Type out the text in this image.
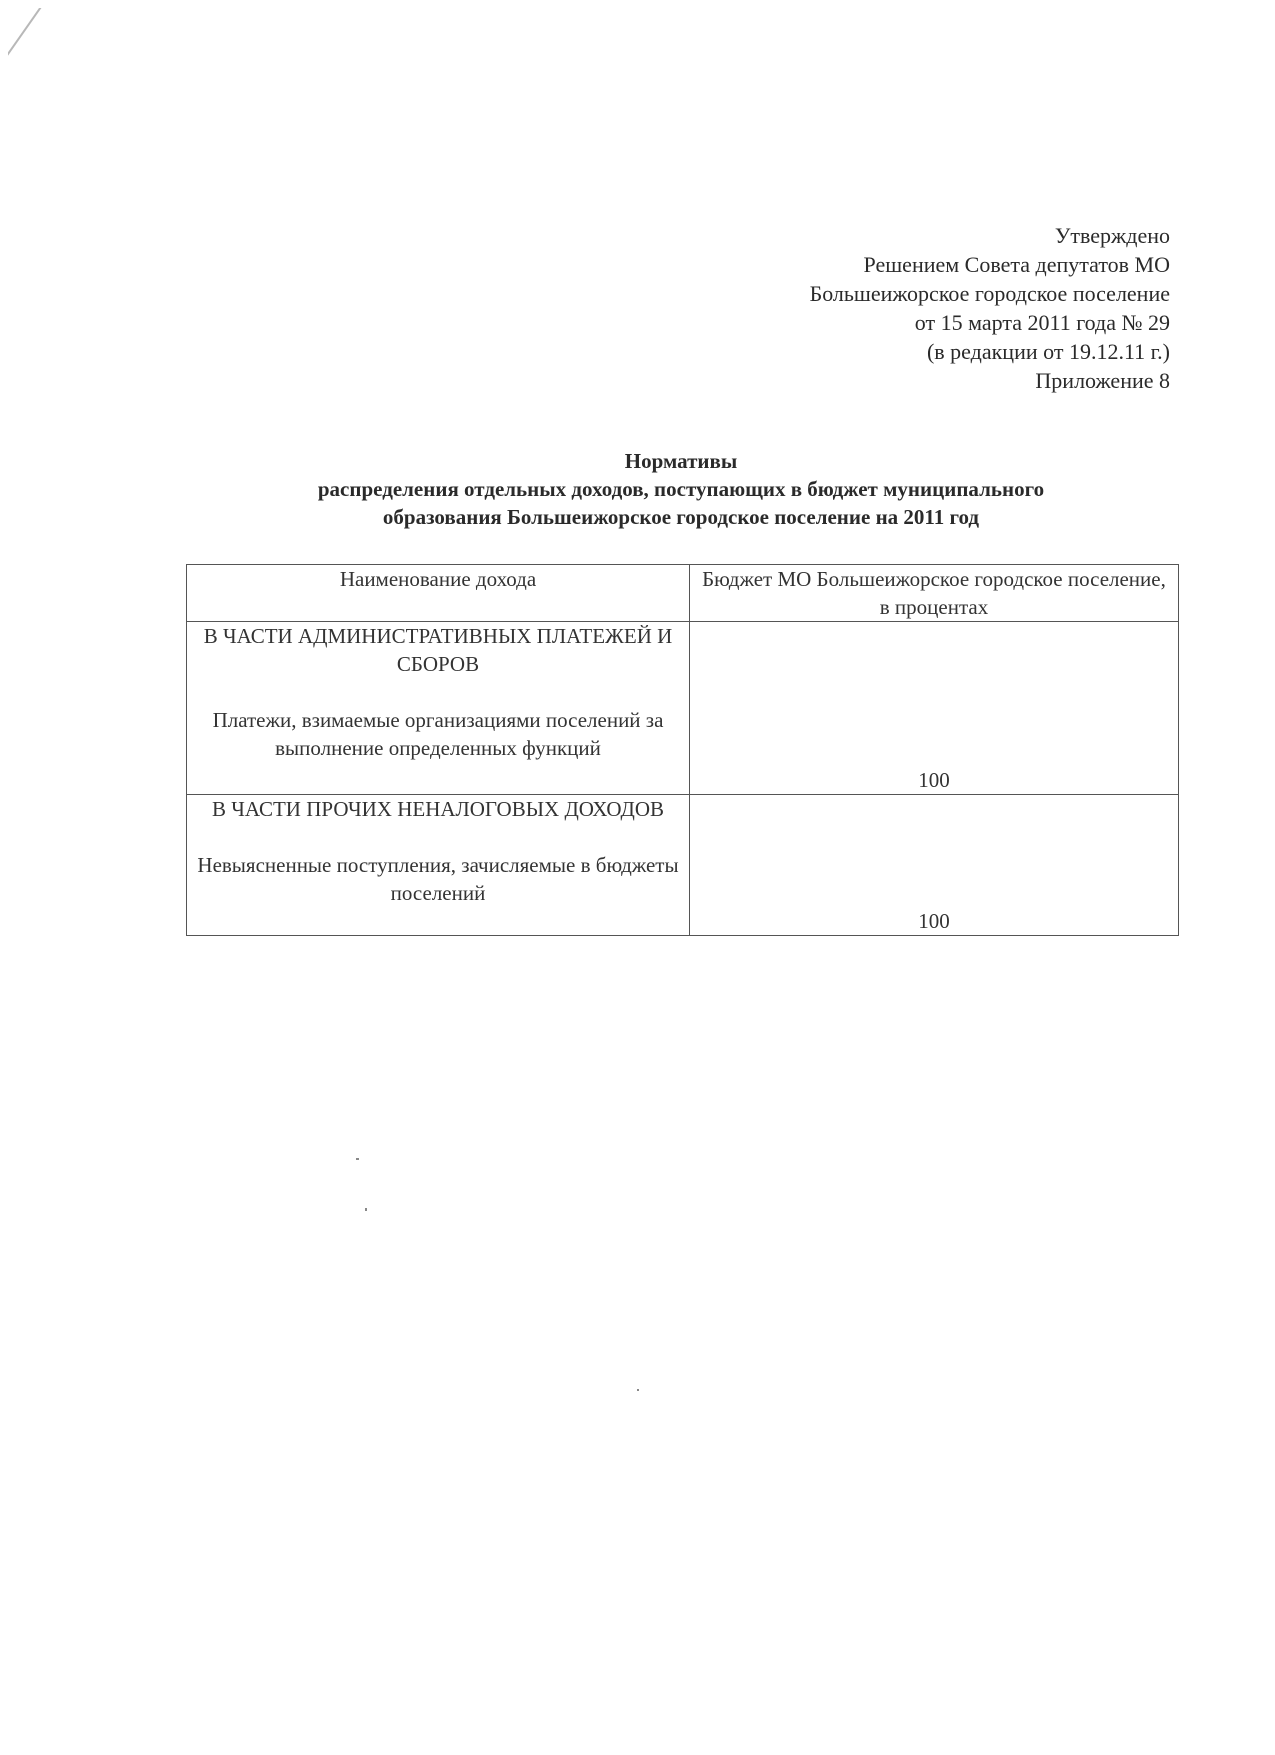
Утверждено
Решением Совета депутатов МО
Большеижорское городское поселение
от 15 марта 2011 года № 29
(в редакции от 19.12.11 г.)
Приложение 8
Нормативы
распределения отдельных доходов, поступающих в бюджет муниципального
образования Большеижорское городское поселение на 2011 год
Наименование дохода	Бюджет МО Большеижорское городское поселение, в процентах

В ЧАСТИ АДМИНИСТРАТИВНЫХ ПЛАТЕЖЕЙ И СБОРОВ
Платежи, взимаемые организациями поселений за выполнение определенных функций	100

В ЧАСТИ ПРОЧИХ НЕНАЛОГОВЫХ ДОХОДОВ
Невыясненные поступления, зачисляемые в бюджеты поселений	100
